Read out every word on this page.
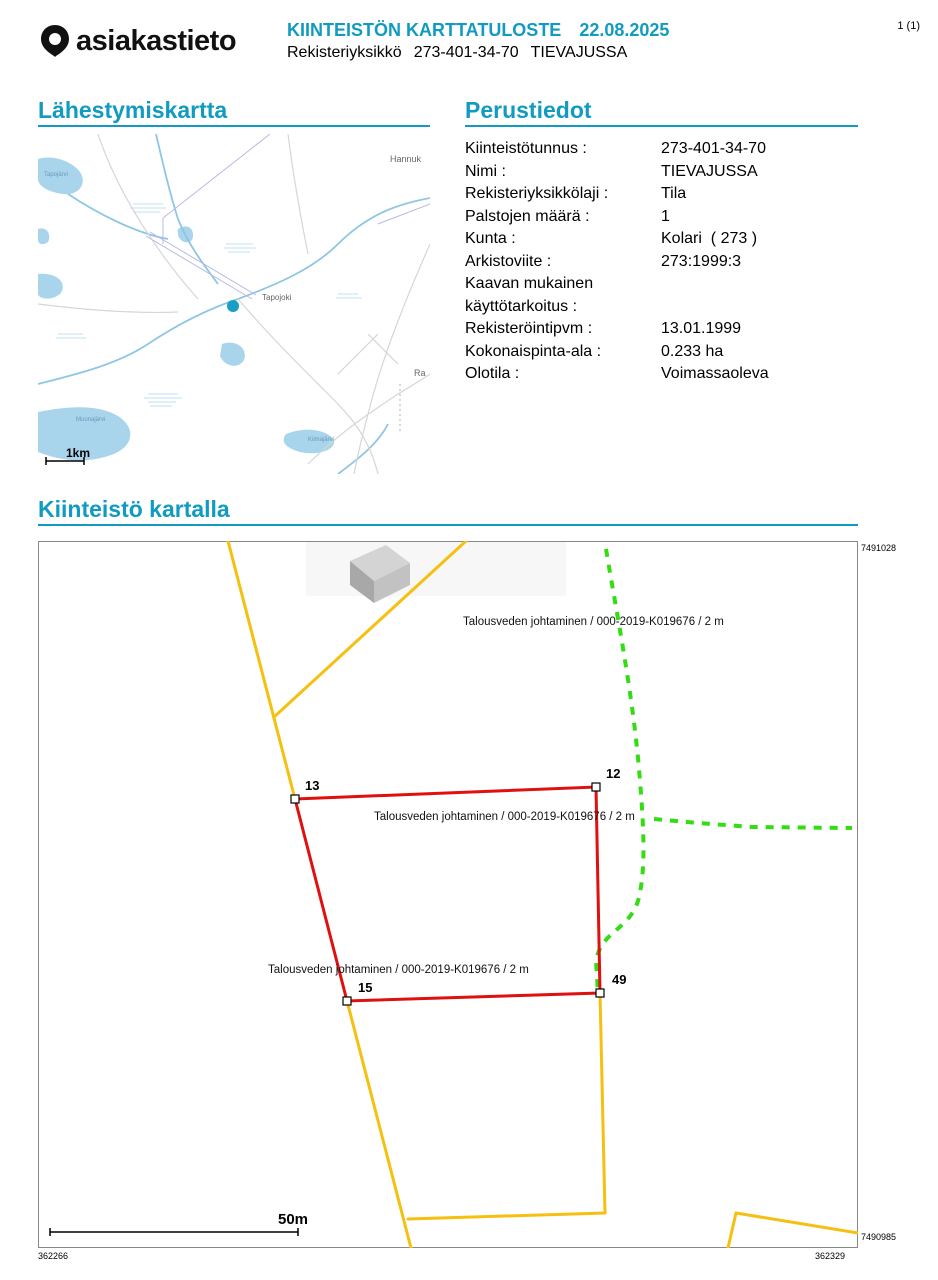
asiakastieto	KIINTEISTÖN KARTTATULOSTE 22.08.2025
Rekisteriyksikkö 273-401-34-70 TIEVAJUSSA
1 (1)
Lähestymiskartta	Perustiedot
Kiinteistö kartalla
Hannuk
Tapojärvi
Tapojoki
Ra
Muonajärvi
Kiimajärvi
1km
Kiinteistötunnus :	273-401-34-70
Nimi :	TIEVAJUSSA
Rekisteriyksikkölaji :	Tila
Palstojen määrä :	1
Kunta :	Kolari  ( 273 )
Arkistoviite :	273:1999:3
Kaavan mukainen
käyttötarkoitus :
Rekisteröintipvm :	13.01.1999
Kokonaispinta-ala :	0.233 ha
Olotila :	Voimassaoleva
13
12
49
15
Talousveden johtaminen / 000-2019-K019676 / 2 m
Talousveden johtaminen / 000-2019-K019676 / 2 m
Talousveden johtaminen / 000-2019-K019676 / 2 m
50m
7491028
7490985
362266	362329
